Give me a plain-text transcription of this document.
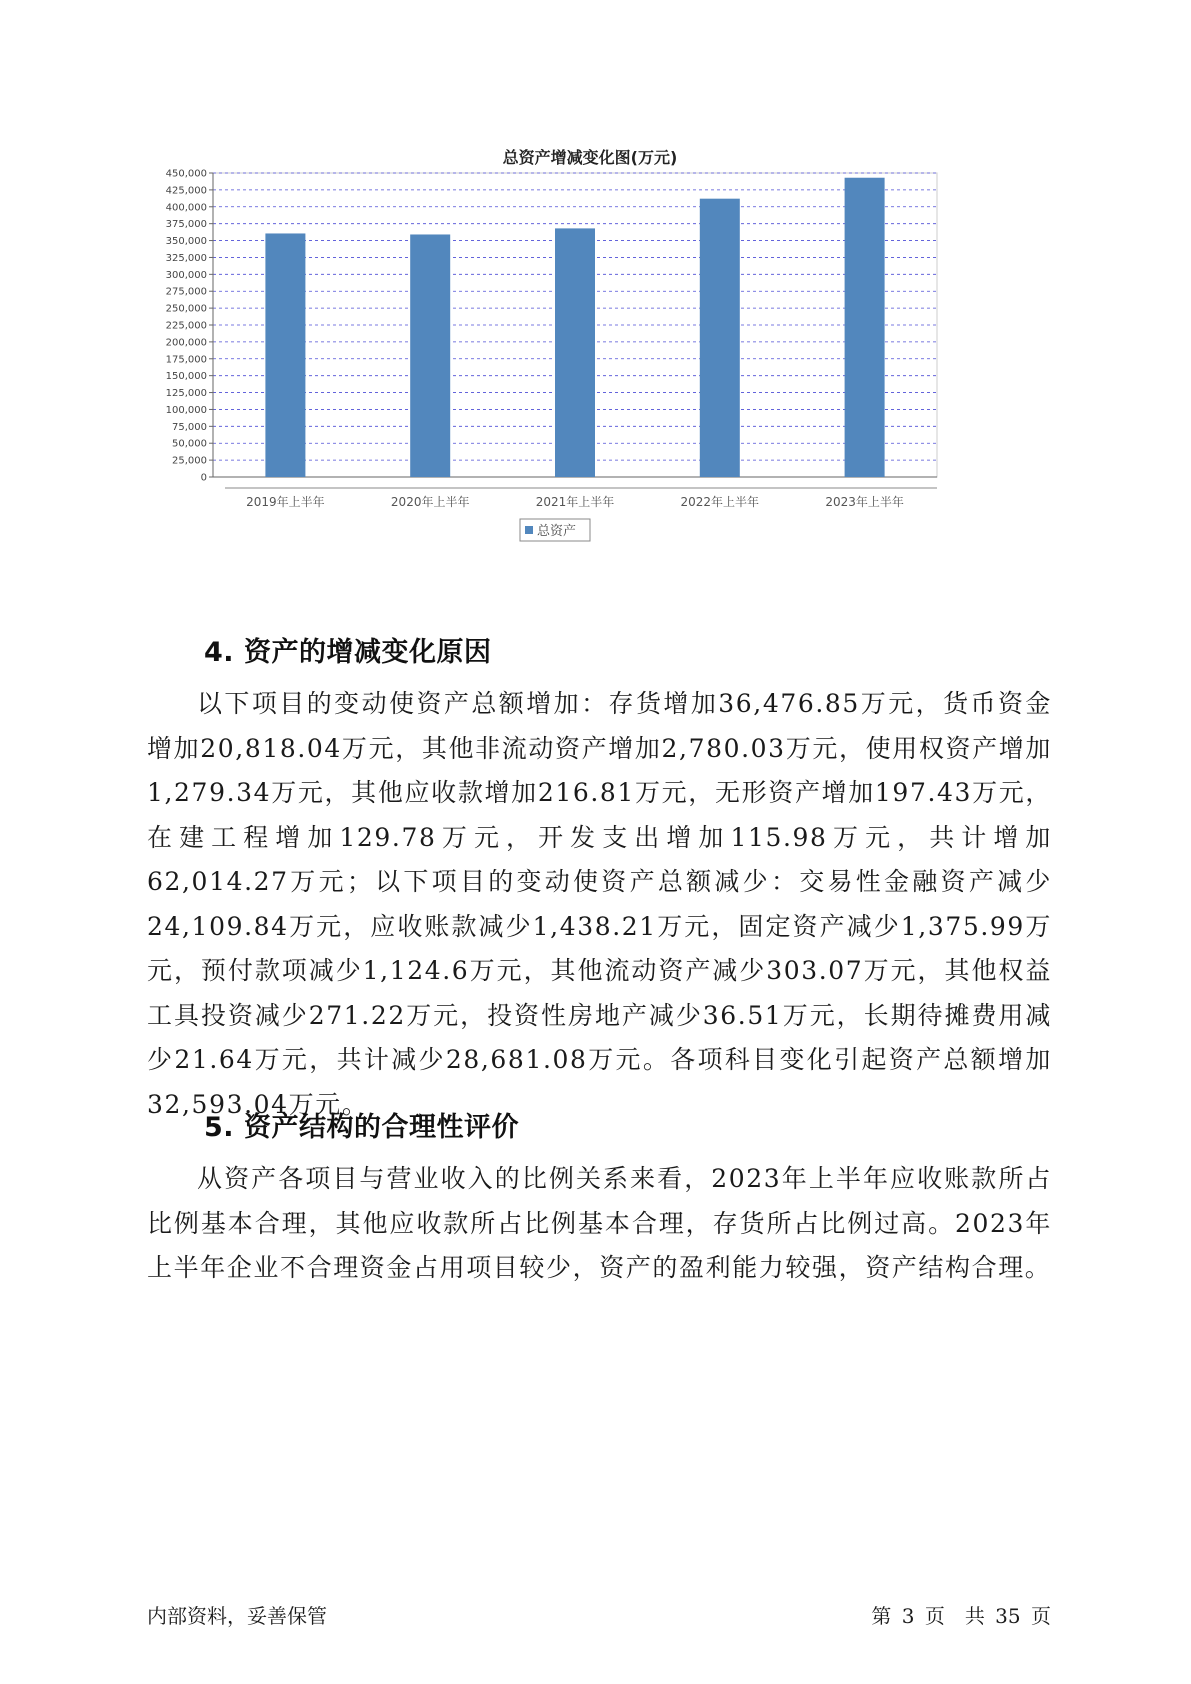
0
25,000
50,000
75,000
100,000
125,000
150,000
175,000
200,000
225,000
250,000
275,000
300,000
325,000
350,000
375,000
400,000
425,000
450,000
2019年上半年	2020年上半年	2021年上半年	2022年上半年	2023年上半年
总资产
总资产增减变化图(万元)
4. 资产的增减变化原因
以下项目的变动使资产总额增加：存货增加36,476.85万元，货币资金增加20,818.04万元，其他非流动资产增加2,780.03万元，使用权资产增加1,279.34万元，其他应收款增加216.81万元，无形资产增加197.43万元，在建工程增加129.78万元，开发支出增加115.98万元，共计增加62,014.27万元；以下项目的变动使资产总额减少：交易性金融资产减少24,109.84万元，应收账款减少1,438.21万元，固定资产减少1,375.99万元，预付款项减少1,124.6万元，其他流动资产减少303.07万元，其他权益工具投资减少271.22万元，投资性房地产减少36.51万元，长期待摊费用减少21.64万元，共计减少28,681.08万元。各项科目变化引起资产总额增加32,593.04万元。
5. 资产结构的合理性评价
从资产各项目与营业收入的比例关系来看，2023年上半年应收账款所占比例基本合理，其他应收款所占比例基本合理，存货所占比例过高。2023年上半年企业不合理资金占用项目较少，资产的盈利能力较强，资产结构合理。
内部资料，妥善保管	第 3 页　共 35 页
